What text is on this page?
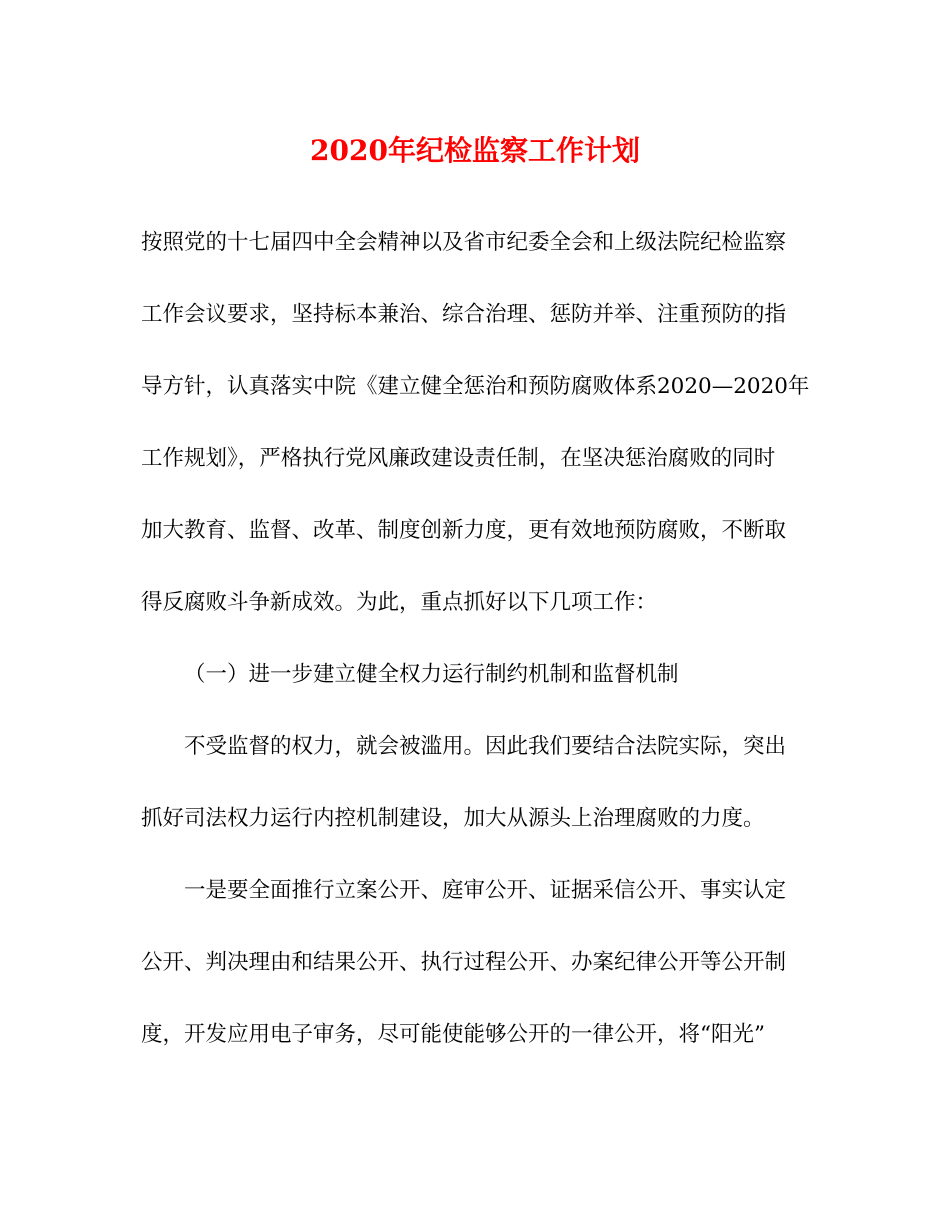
2020年纪检监察工作计划
按照党的十七届四中全会精神以及省市纪委全会和上级法院纪检监察
工作会议要求，坚持标本兼治、综合治理、惩防并举、注重预防的指
导方针，认真落实中院《建立健全惩治和预防腐败体系2020—2020年
工作规划》，严格执行党风廉政建设责任制，在坚决惩治腐败的同时
加大教育、监督、改革、制度创新力度，更有效地预防腐败，不断取
得反腐败斗争新成效。为此，重点抓好以下几项工作：
（一）进一步建立健全权力运行制约机制和监督机制
不受监督的权力，就会被滥用。因此我们要结合法院实际，突出
抓好司法权力运行内控机制建设，加大从源头上治理腐败的力度。
一是要全面推行立案公开、庭审公开、证据采信公开、事实认定
公开、判决理由和结果公开、执行过程公开、办案纪律公开等公开制
度，开发应用电子审务，尽可能使能够公开的一律公开，将“阳光”
